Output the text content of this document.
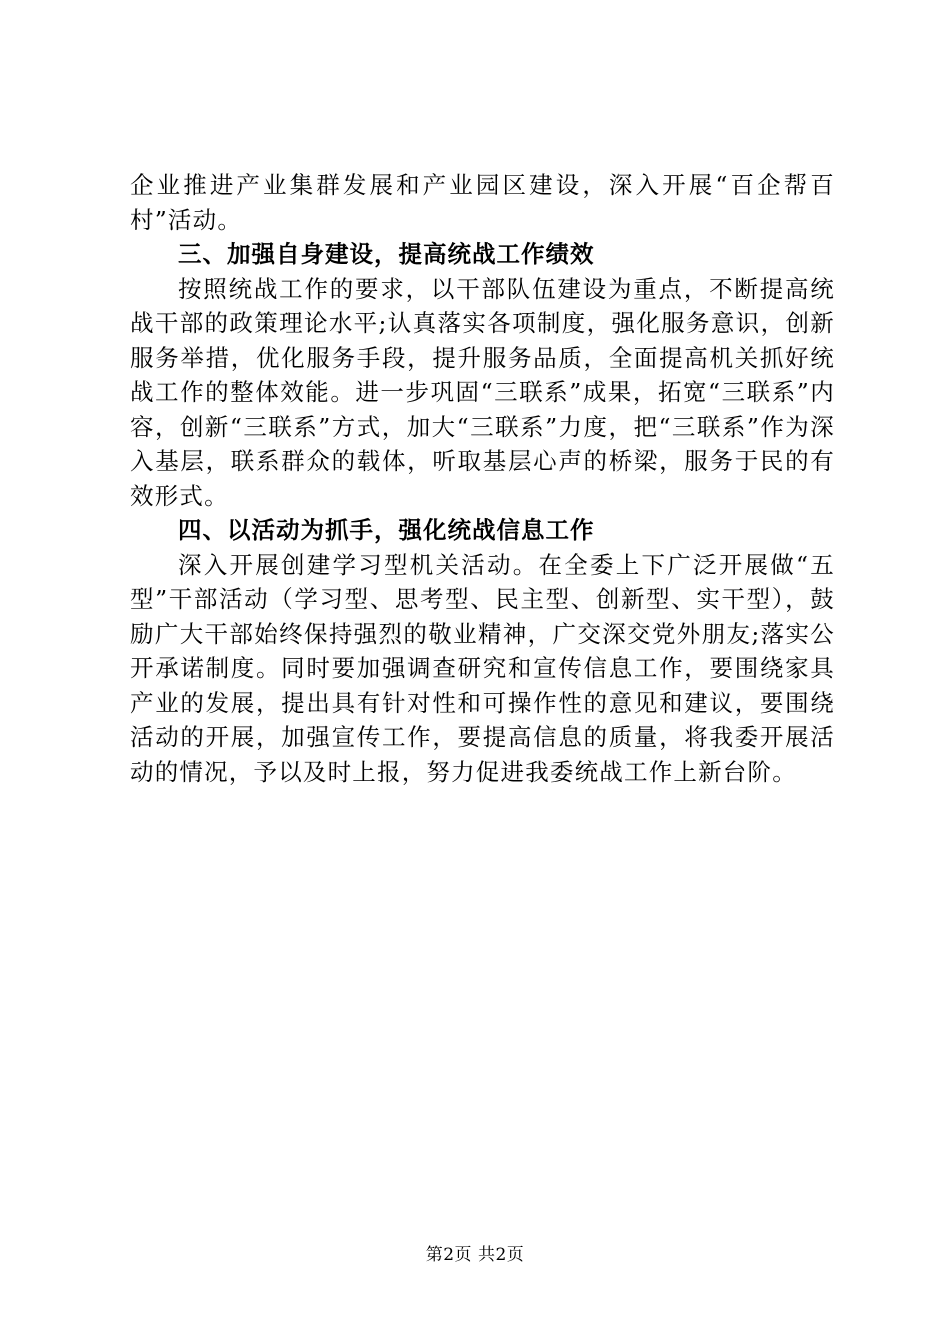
企业推进产业集群发展和产业园区建设，深入开展“百企帮百村”活动。

三、加强自身建设，提高统战工作绩效

按照统战工作的要求，以干部队伍建设为重点，不断提高统战干部的政策理论水平;认真落实各项制度，强化服务意识，创新服务举措，优化服务手段，提升服务品质，全面提高机关抓好统战工作的整体效能。进一步巩固“三联系”成果，拓宽“三联系”内容，创新“三联系”方式，加大“三联系”力度，把“三联系”作为深入基层，联系群众的载体，听取基层心声的桥梁，服务于民的有效形式。

四、以活动为抓手，强化统战信息工作

深入开展创建学习型机关活动。在全委上下广泛开展做“五型”干部活动（学习型、思考型、民主型、创新型、实干型），鼓励广大干部始终保持强烈的敬业精神，广交深交党外朋友;落实公开承诺制度。同时要加强调查研究和宣传信息工作，要围绕家具产业的发展，提出具有针对性和可操作性的意见和建议，要围绕活动的开展，加强宣传工作，要提高信息的质量，将我委开展活动的情况，予以及时上报，努力促进我委统战工作上新台阶。

第2页 共2页
